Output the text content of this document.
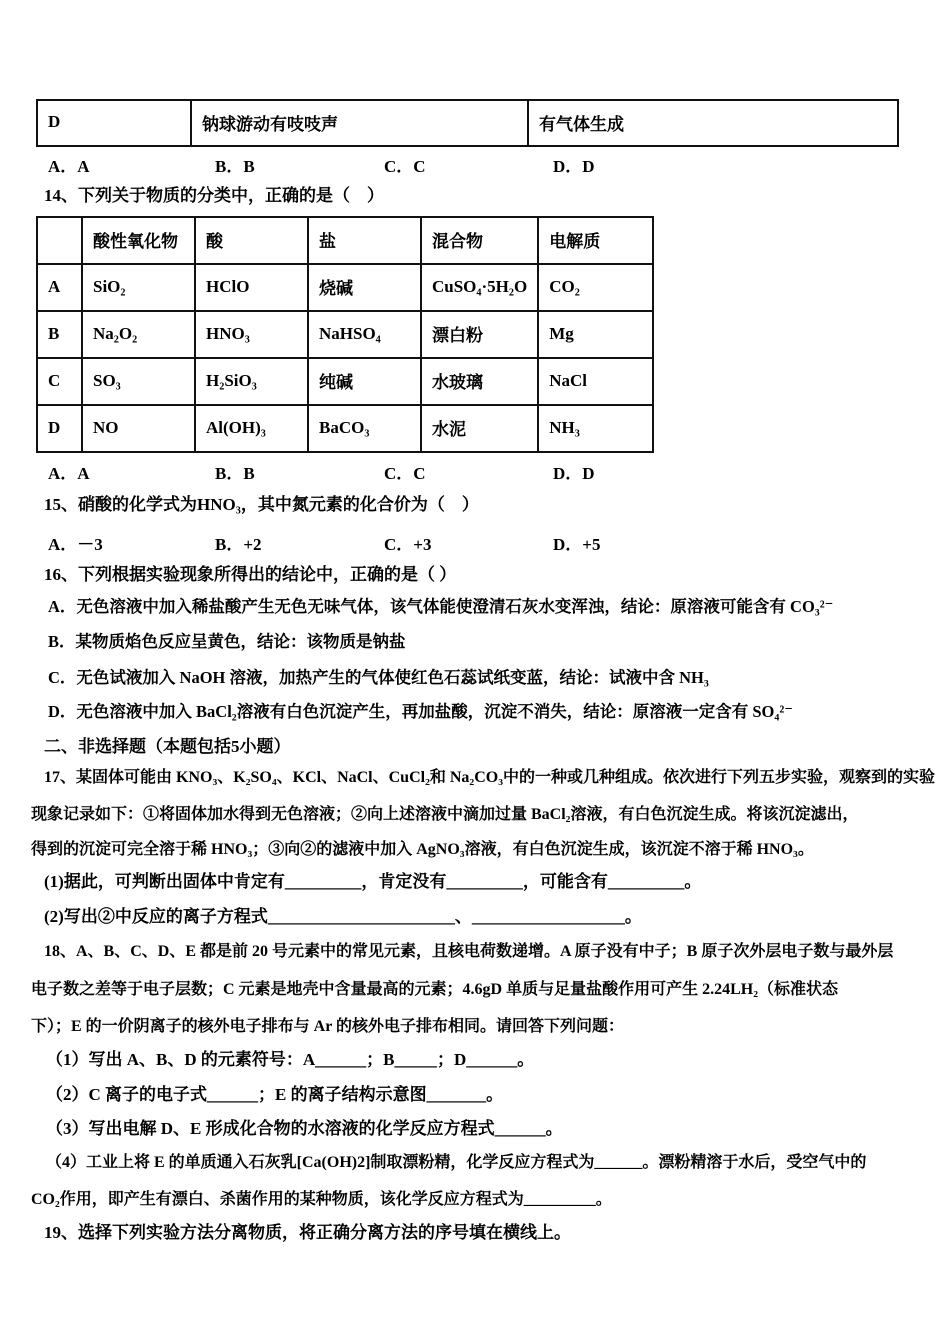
D	钠球游动有吱吱声	有气体生成
A．A	B．B	C．C	D．D
14、下列关于物质的分类中，正确的是（　）
	酸性氧化物	酸	盐	混合物	电解质
A	SiO₂	HClO	烧碱	CuSO₄·5H₂O	CO₂
B	Na₂O₂	HNO₃	NaHSO₄	漂白粉	Mg
C	SO₃	H₂SiO₃	纯碱	水玻璃	NaCl
D	NO	Al(OH)₃	BaCO₃	水泥	NH₃
A．A	B．B	C．C	D．D
15、硝酸的化学式为HNO₃，其中氮元素的化合价为（　）
A．－3	B．+2	C．+3	D．+5
16、下列根据实验现象所得出的结论中，正确的是（ ）
A．无色溶液中加入稀盐酸产生无色无味气体，该气体能使澄清石灰水变浑浊，结论：原溶液可能含有 CO₃²⁻
B．某物质焰色反应呈黄色，结论：该物质是钠盐
C．无色试液加入 NaOH 溶液，加热产生的气体使红色石蕊试纸变蓝，结论：试液中含 NH₃
D．无色溶液中加入 BaCl₂溶液有白色沉淀产生，再加盐酸，沉淀不消失，结论：原溶液一定含有 SO₄²⁻
二、非选择题（本题包括5小题）
17、某固体可能由 KNO₃、K₂SO₄、KCl、NaCl、CuCl₂和 Na₂CO₃中的一种或几种组成。依次进行下列五步实验，观察到的实验
现象记录如下：①将固体加水得到无色溶液；②向上述溶液中滴加过量 BaCl₂溶液，有白色沉淀生成。将该沉淀滤出，
得到的沉淀可完全溶于稀 HNO₃；③向②的滤液中加入 AgNO₃溶液，有白色沉淀生成，该沉淀不溶于稀 HNO₃。
(1)据此，可判断出固体中肯定有_________，肯定没有_________，可能含有_________。
(2)写出②中反应的离子方程式______________________、__________________。
18、A、B、C、D、E 都是前 20 号元素中的常见元素，且核电荷数递增。A 原子没有中子；B 原子次外层电子数与最外层
电子数之差等于电子层数；C 元素是地壳中含量最高的元素；4.6gD 单质与足量盐酸作用可产生 2.24LH₂（标准状态
下）；E 的一价阴离子的核外电子排布与 Ar 的核外电子排布相同。请回答下列问题：
（1）写出 A、B、D 的元素符号：A______；B_____；D______。
（2）C 离子的电子式______；E 的离子结构示意图_______。
（3）写出电解 D、E 形成化合物的水溶液的化学反应方程式______。
（4）工业上将 E 的单质通入石灰乳[Ca(OH)2]制取漂粉精，化学反应方程式为______。漂粉精溶于水后，受空气中的
CO₂作用，即产生有漂白、杀菌作用的某种物质，该化学反应方程式为_________。
19、选择下列实验方法分离物质，将正确分离方法的序号填在横线上。
